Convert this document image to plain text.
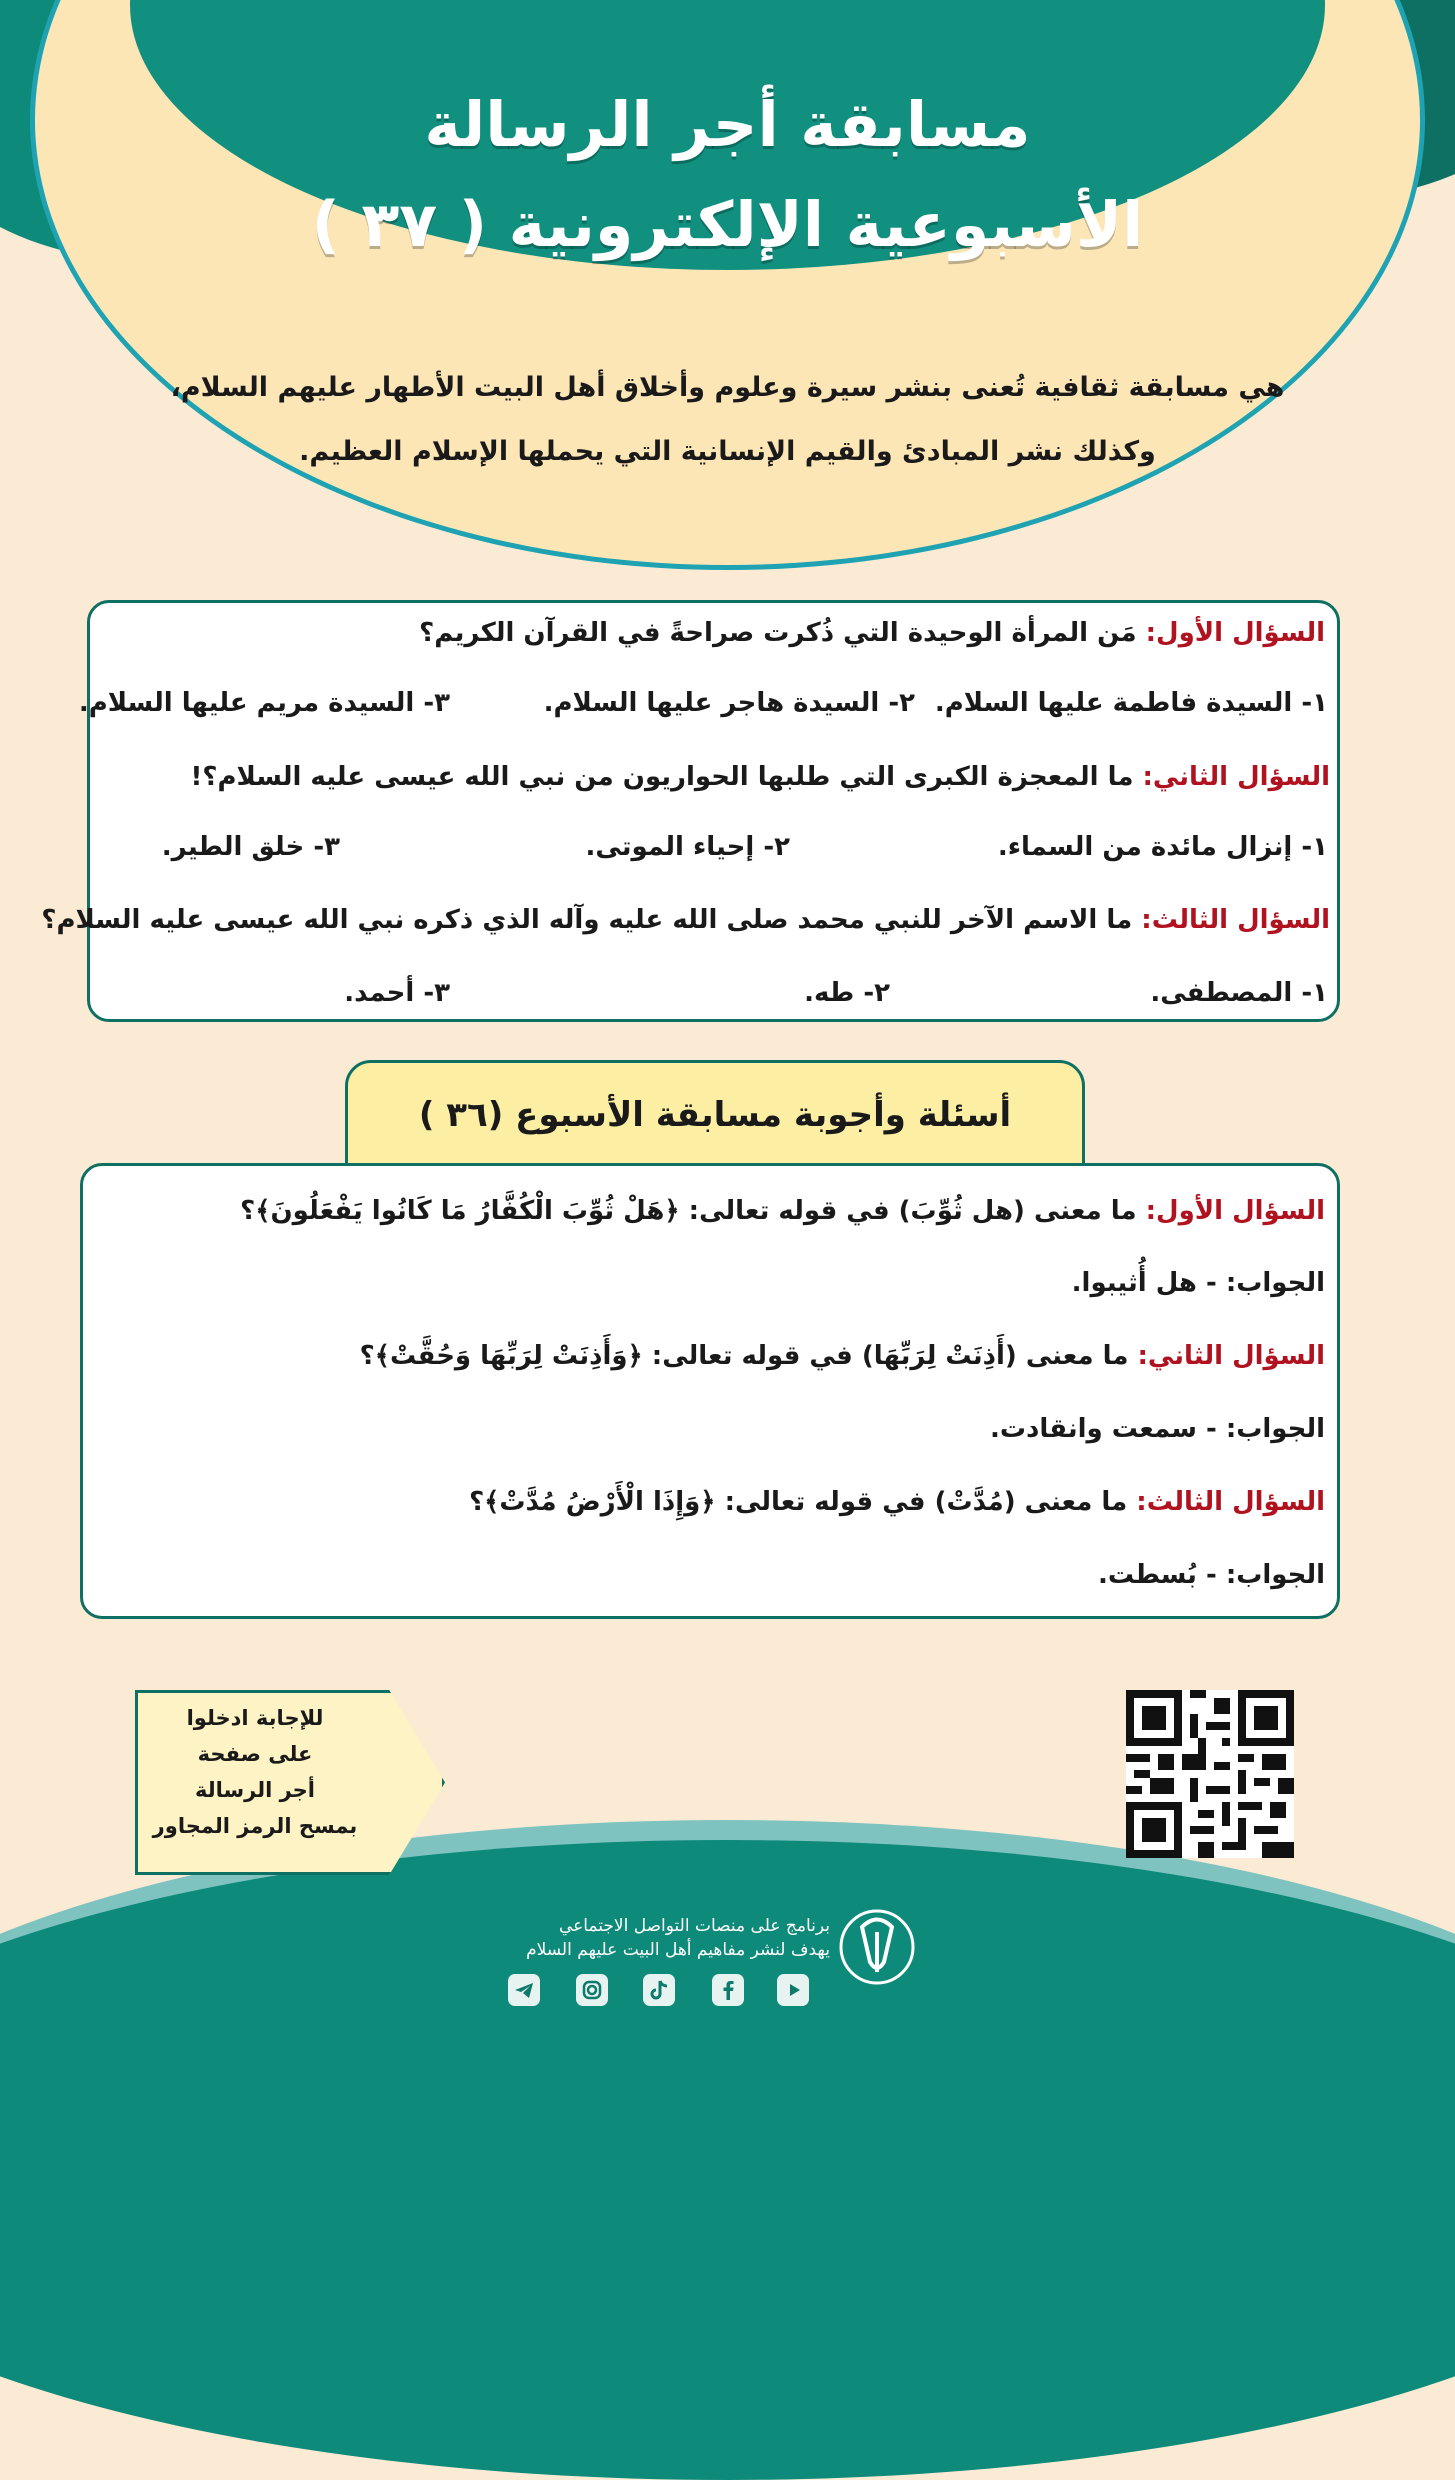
مسابقة أجر الرسالة
الأسبوعية الإلكترونية ( ٣٧ )
هي مسابقة ثقافية تُعنى بنشر سيرة وعلوم وأخلاق أهل البيت الأطهار عليهم السلام،
وكذلك نشر المبادئ والقيم الإنسانية التي يحملها الإسلام العظيم.
السؤال الأول: مَن المرأة الوحيدة التي ذُكرت صراحةً في القرآن الكريم؟
١- السيدة فاطمة عليها السلام.
٢- السيدة هاجر عليها السلام.
٣- السيدة مريم عليها السلام.
السؤال الثاني: ما المعجزة الكبرى التي طلبها الحواريون من نبي الله عيسى عليه السلام؟!
١- إنزال مائدة من السماء.
٢- إحياء الموتى.
٣- خلق الطير.
السؤال الثالث: ما الاسم الآخر للنبي محمد صلى الله عليه وآله الذي ذكره نبي الله عيسى عليه السلام؟
١- المصطفى.
٢- طه.
٣- أحمد.
أسئلة وأجوبة مسابقة الأسبوع (٣٦ )
السؤال الأول: ما معنى (هل ثُوِّبَ) في قوله تعالى: ﴿هَلْ ثُوِّبَ الْكُفَّارُ مَا كَانُوا يَفْعَلُونَ﴾؟
الجواب: - هل أُثيبوا.
السؤال الثاني: ما معنى (أَذِنَتْ لِرَبِّهَا) في قوله تعالى: ﴿وَأَذِنَتْ لِرَبِّهَا وَحُقَّتْ﴾؟
الجواب: - سمعت وانقادت.
السؤال الثالث: ما معنى (مُدَّتْ) في قوله تعالى: ﴿وَإِذَا الْأَرْضُ مُدَّتْ﴾؟
الجواب: - بُسطت.
للإجابة ادخلوا
على صفحة
أجر الرسالة
بمسح الرمز المجاور
برنامج على منصات التواصل الاجتماعي
يهدف لنشر مفاهيم أهل البيت عليهم السلام
